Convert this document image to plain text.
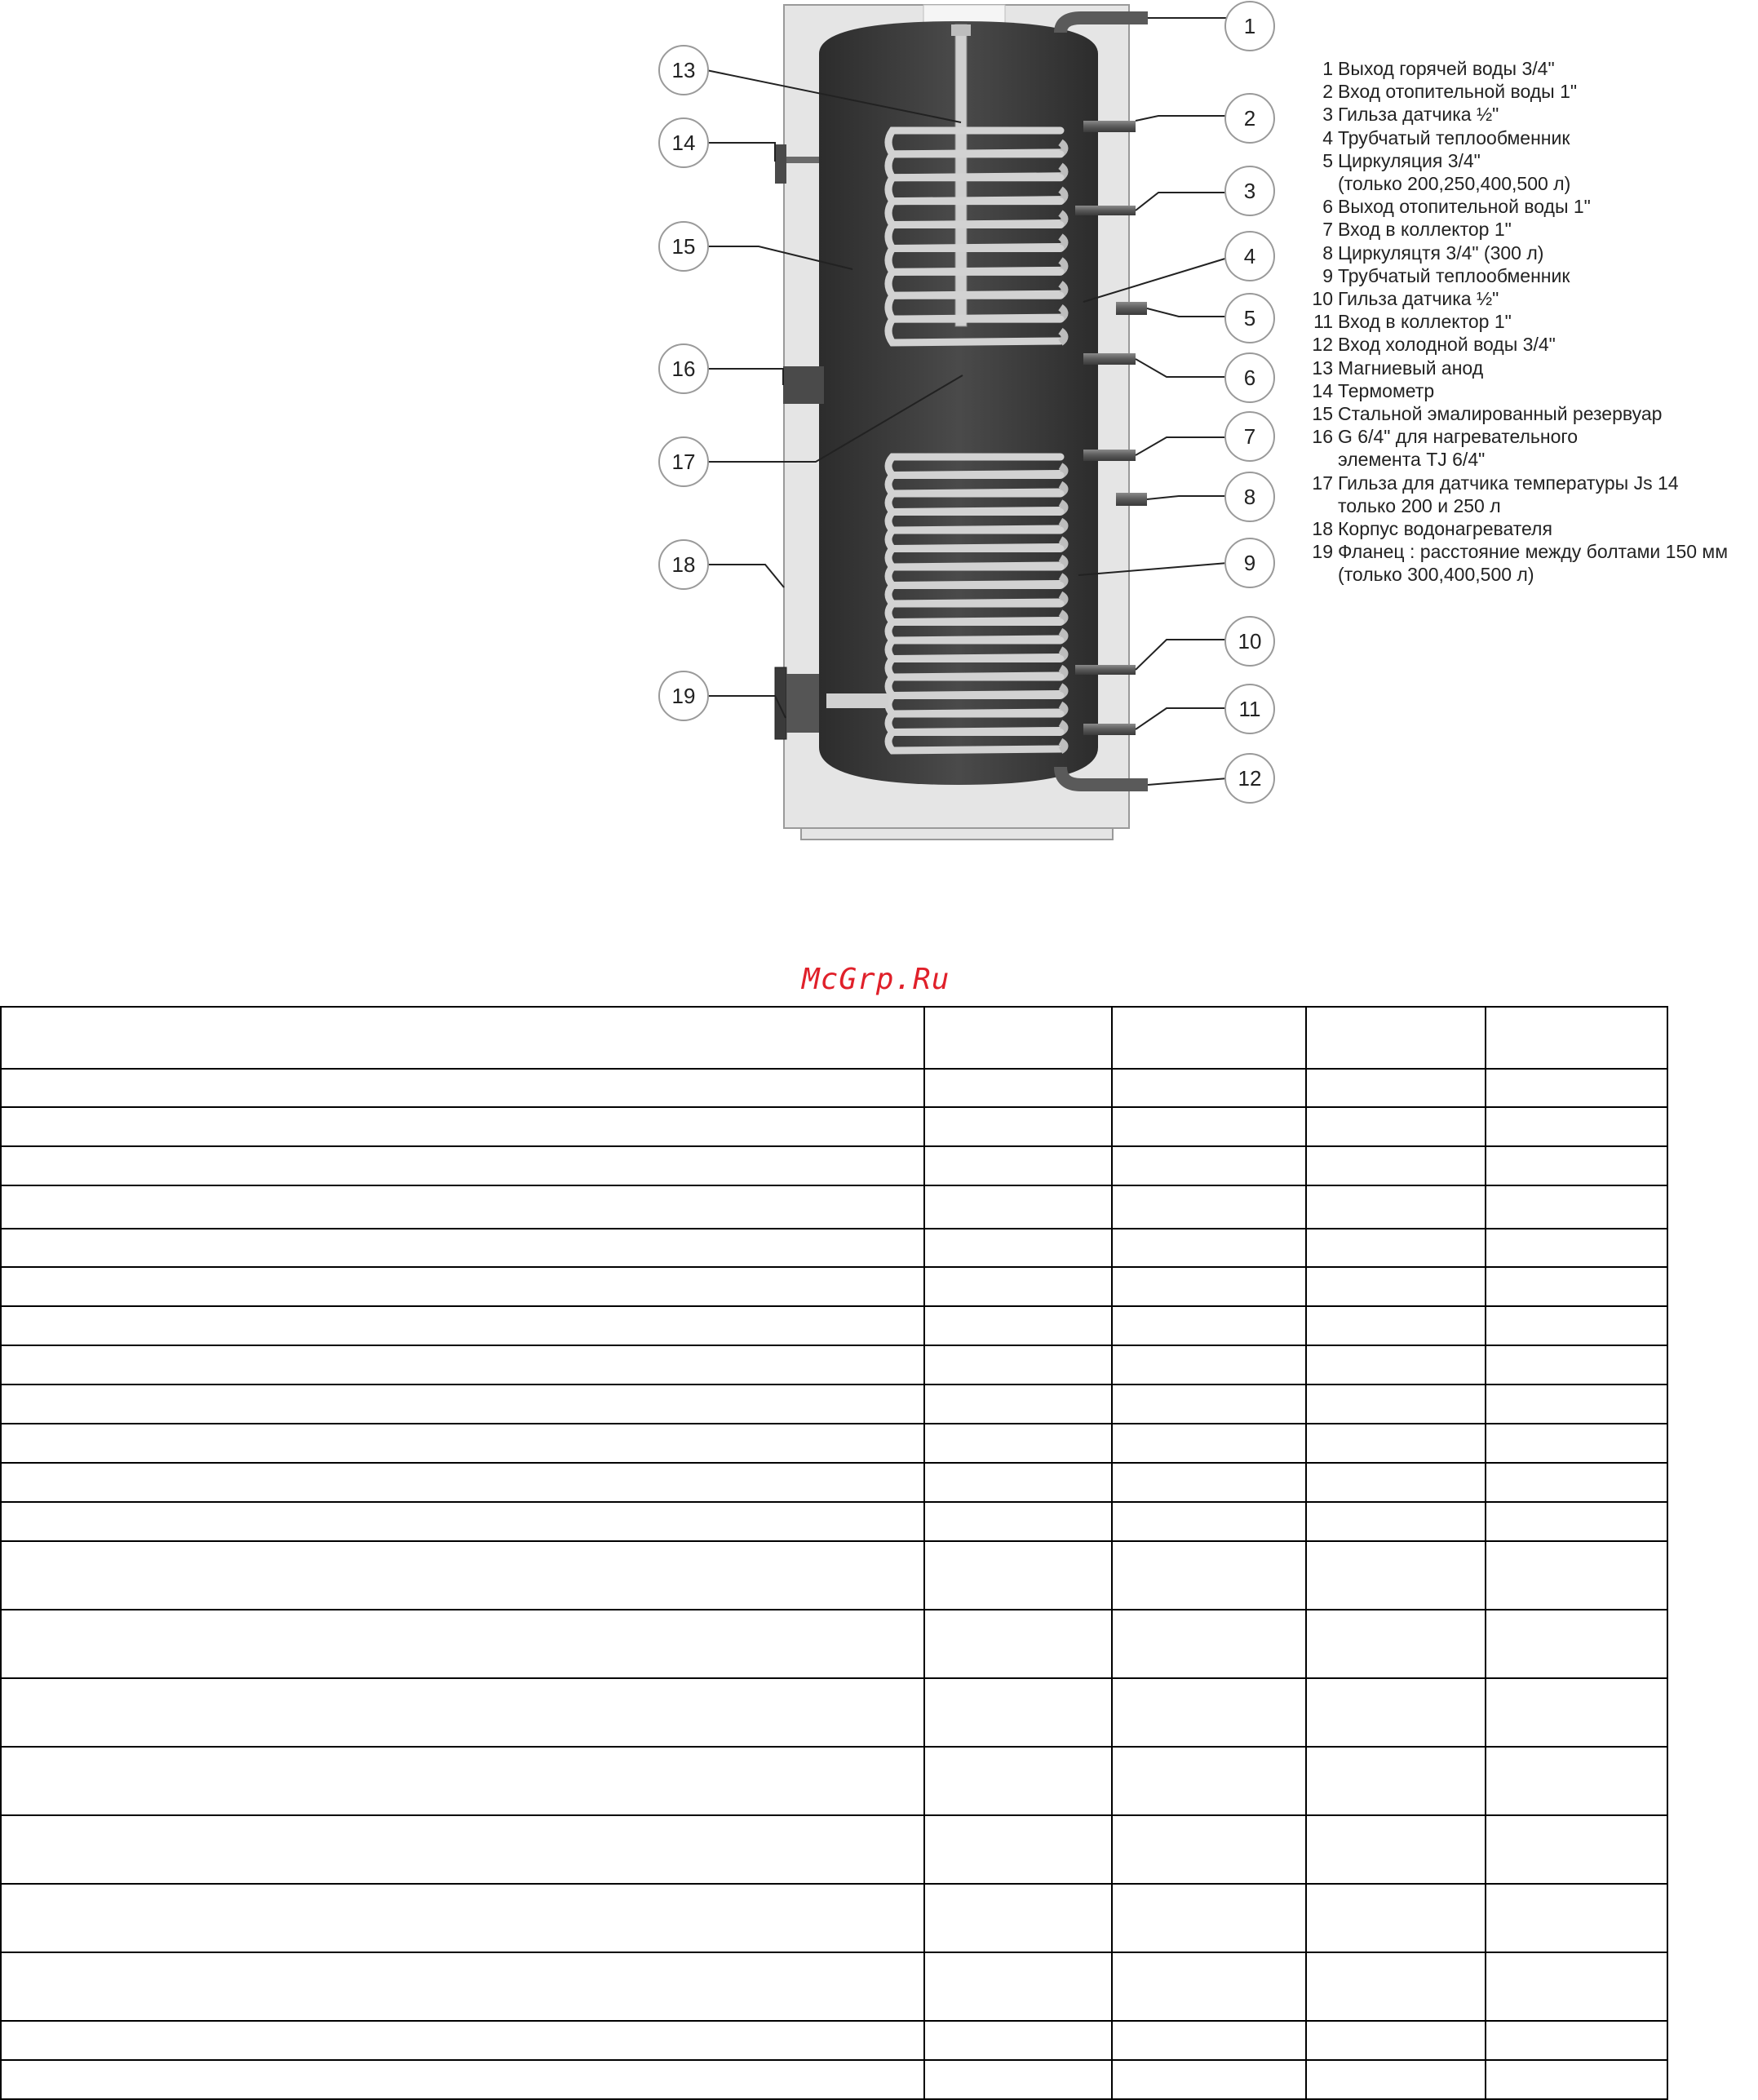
1
2
3
4
5
6
7
8
9
10
11
12
13
14
15
16
17
18
19
1 Выход горячей воды 3/4"
2 Вход отопительной воды 1"
3 Гильза датчика ½"
4 Трубчатый теплообменник
5 Циркуляция 3/4"
(только 200,250,400,500 л)
6 Выход отопительной воды 1"
7 Вход в коллектор 1"
8 Циркуляцтя 3/4" (300 л)
9 Трубчатый теплообменник
10 Гильза датчика ½"
11 Вход в коллектор 1"
12 Вход холодной воды 3/4"
13 Магниевый анод
14 Термометр
15 Стальной эмалированный резервуар
16 G 6/4" для нагревательного
элемента TJ 6/4"
17 Гильза для датчика температуры Js 14
только 200 и 250 л
18 Корпус водонагревателя
19 Фланец : расстояние между болтами 150 мм
(только 300,400,500 л)
McGrp.Ru
